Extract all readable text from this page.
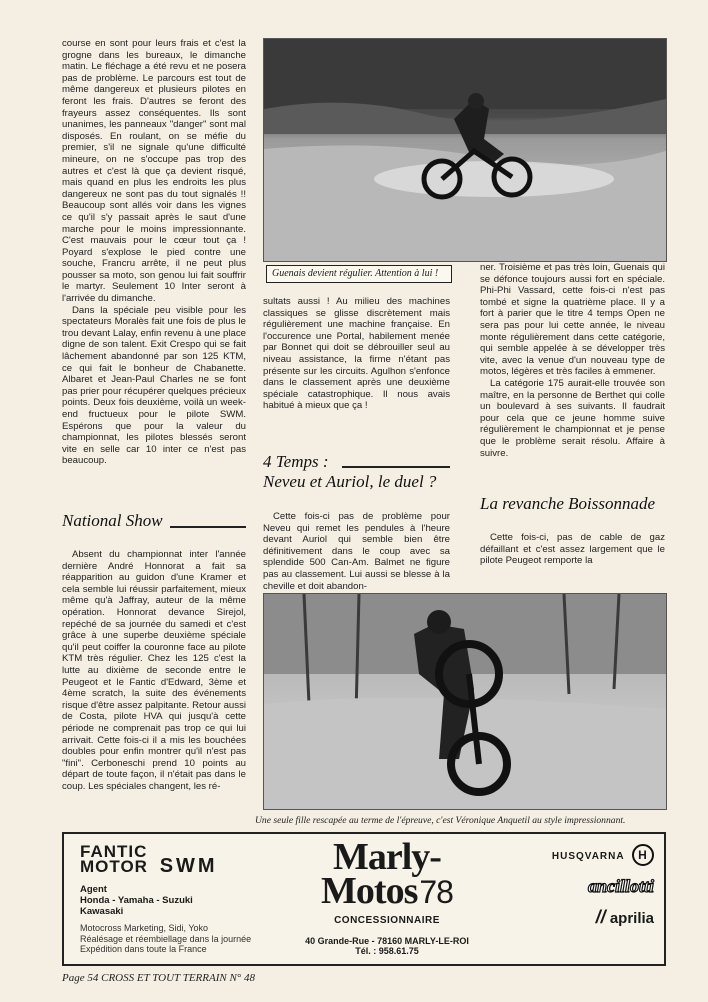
course en sont pour leurs frais et c'est la grogne dans les bureaux, le dimanche matin. Le fléchage a été revu et ne posera pas de problème. Le parcours est tout de même dangereux et plusieurs pilotes en feront les frais. D'autres se feront des frayeurs assez conséquentes. Ils sont unanimes, les panneaux "danger" sont mal disposés. En roulant, on se méfie du premier, s'il ne signale qu'une difficulté mineure, on ne s'occupe pas trop des autres et c'est là que ça devient risqué, mais quand en plus les endroits les plus dangereux ne sont pas du tout signalés !! Beaucoup sont allés voir dans les vignes ce qu'il s'y passait après le saut d'une marche pour le moins impressionnante. C'est mauvais pour le cœur tout ça ! Poyard s'explose le pied contre une souche, Francru arrête, il ne peut plus pousser sa moto, son genou lui fait souffrir le martyr. Seulement 10 Inter seront à l'arrivée du dimanche.

Dans la spéciale peu visible pour les spectateurs Moralès fait une fois de plus le trou devant Lalay, enfin revenu à une place digne de son talent. Exit Crespo qui se fait lâchement abandonné par son 125 KTM, ce qui fait le bonheur de Chabanette. Albaret et Jean-Paul Charles ne se font pas prier pour récupérer quelques précieux points. Deux fois deuxième, voilà un week-end fructueux pour le pilote SWM. Espérons que pour la valeur du championnat, les pilotes blessés seront vite en selle car 10 inter ce n'est pas beaucoup.

National Show

Absent du championnat inter l'année dernière André Honnorat a fait sa réapparition au guidon d'une Kramer et cela semble lui réussir parfaitement, mieux même qu'à Jaffray, auteur de la même opération. Honnorat devance Sirejol, repéché de sa journée du samedi et c'est grâce à une superbe deuxième spéciale qu'il peut coiffer la couronne face au pilote KTM très régulier. Chez les 125 c'est la lutte au dixième de seconde entre le Peugeot et le Fantic d'Edward, 3ème et 4ème scratch, la suite des événements risque d'être assez palpitante. Retour aussi de Costa, pilote HVA qui jusqu'à cette période ne comprenait pas trop ce qui lui arrivait. Cette fois-ci il a mis les bouchées doubles pour enfin montrer qu'il n'est pas "fini". Cerboneschi prend 10 points au départ de toute façon, il n'était pas dans le coup. Les spéciales changent, les ré-

Guenais devient régulier. Attention à lui !

sultats aussi ! Au milieu des machines classiques se glisse discrètement mais régulièrement une machine française. En l'occurence une Portal, habilement menée par Bonnet qui doit se débrouiller seul au niveau assistance, la firme n'étant pas présente sur les circuits. Agulhon s'enfonce dans le classement après une deuxième spéciale catastrophique. Il nous avais habitué à mieux que ça !

4 Temps :
Neveu et Auriol, le duel ?

Cette fois-ci pas de problème pour Neveu qui remet les pendules à l'heure devant Auriol qui semble bien être définitivement dans le coup avec sa splendide 500 Can-Am. Balmet ne figure pas au classement. Lui aussi se blesse à la cheville et doit abandon-

ner. Troisième et pas très loin, Guenais qui se défonce toujours aussi fort en spéciale. Phi-Phi Vassard, cette fois-ci n'est pas tombé et signe la quatrième place. Il y a fort à parier que le titre 4 temps Open ne sera pas pour lui cette année, le niveau monte régulièrement dans cette catégorie, qui semble appelée à se développer très vite, avec la venue d'un nouveau type de motos, légères et très faciles à emmener.

La catégorie 175 aurait-elle trouvée son maître, en la personne de Berthet qui colle un boulevard à ses suivants. Il faudrait pour cela que ce jeune homme suive régulièrement le championnat et je pense que le problème serait résolu. Affaire à suivre.

La revanche Boissonnade

Cette fois-ci, pas de cable de gaz défaillant et c'est assez largement que le pilote Peugeot remporte la

Une seule fille rescapée au terme de l'épreuve, c'est Véronique Anquetil au style impressionnant.
FANTIC
MOTOR SWM
Agent
Honda - Yamaha - Suzuki
Kawasaki
Motocross Marketing, Sidi, Yoko
Réalésage et réembiellage dans la journée
Expédition dans toute la France
Marly-
Motos78
CONCESSIONNAIRE
40 Grande-Rue - 78160 MARLY-LE-ROI
Tél. : 958.61.75
HUSQVARNA H
ancillotti
// aprilia
Page 54 CROSS ET TOUT TERRAIN N° 48
